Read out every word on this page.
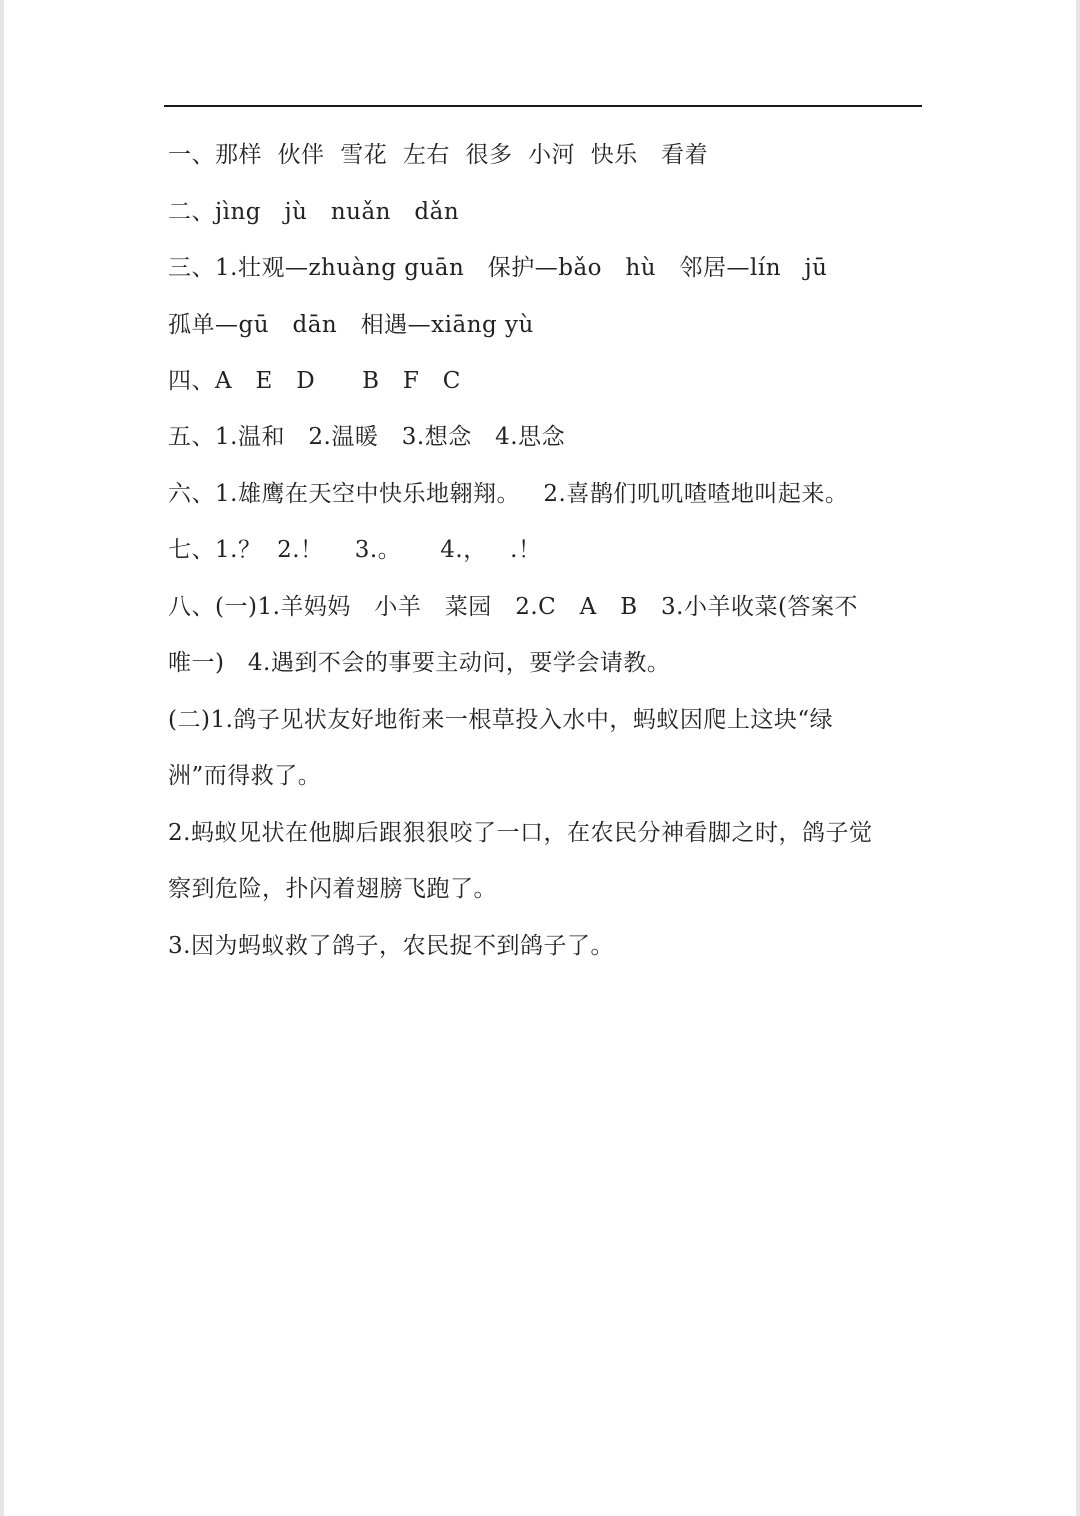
一、那样  伙伴  雪花  左右  很多  小河  快乐   看着
二、jìng   jù   nuǎn   dǎn
三、1.壮观—zhuàng guān   保护—bǎo   hù   邻居—lín   jū
孤单—gū   dān   相遇—xiāng yù
四、A   E   D      B   F   C
五、1.温和   2.温暖   3.想念   4.思念
六、1.雄鹰在天空中快乐地翱翔。   2.喜鹊们叽叽喳喳地叫起来。
七、1.？  2.！    3.。     4.，   .！
八、(一)1.羊妈妈   小羊   菜园   2.C   A   B   3.小羊收菜(答案不
唯一)   4.遇到不会的事要主动问，要学会请教。
(二)1.鸽子见状友好地衔来一根草投入水中，蚂蚁因爬上这块“绿
洲”而得救了。
2.蚂蚁见状在他脚后跟狠狠咬了一口，在农民分神看脚之时，鸽子觉
察到危险，扑闪着翅膀飞跑了。
3.因为蚂蚁救了鸽子，农民捉不到鸽子了。
